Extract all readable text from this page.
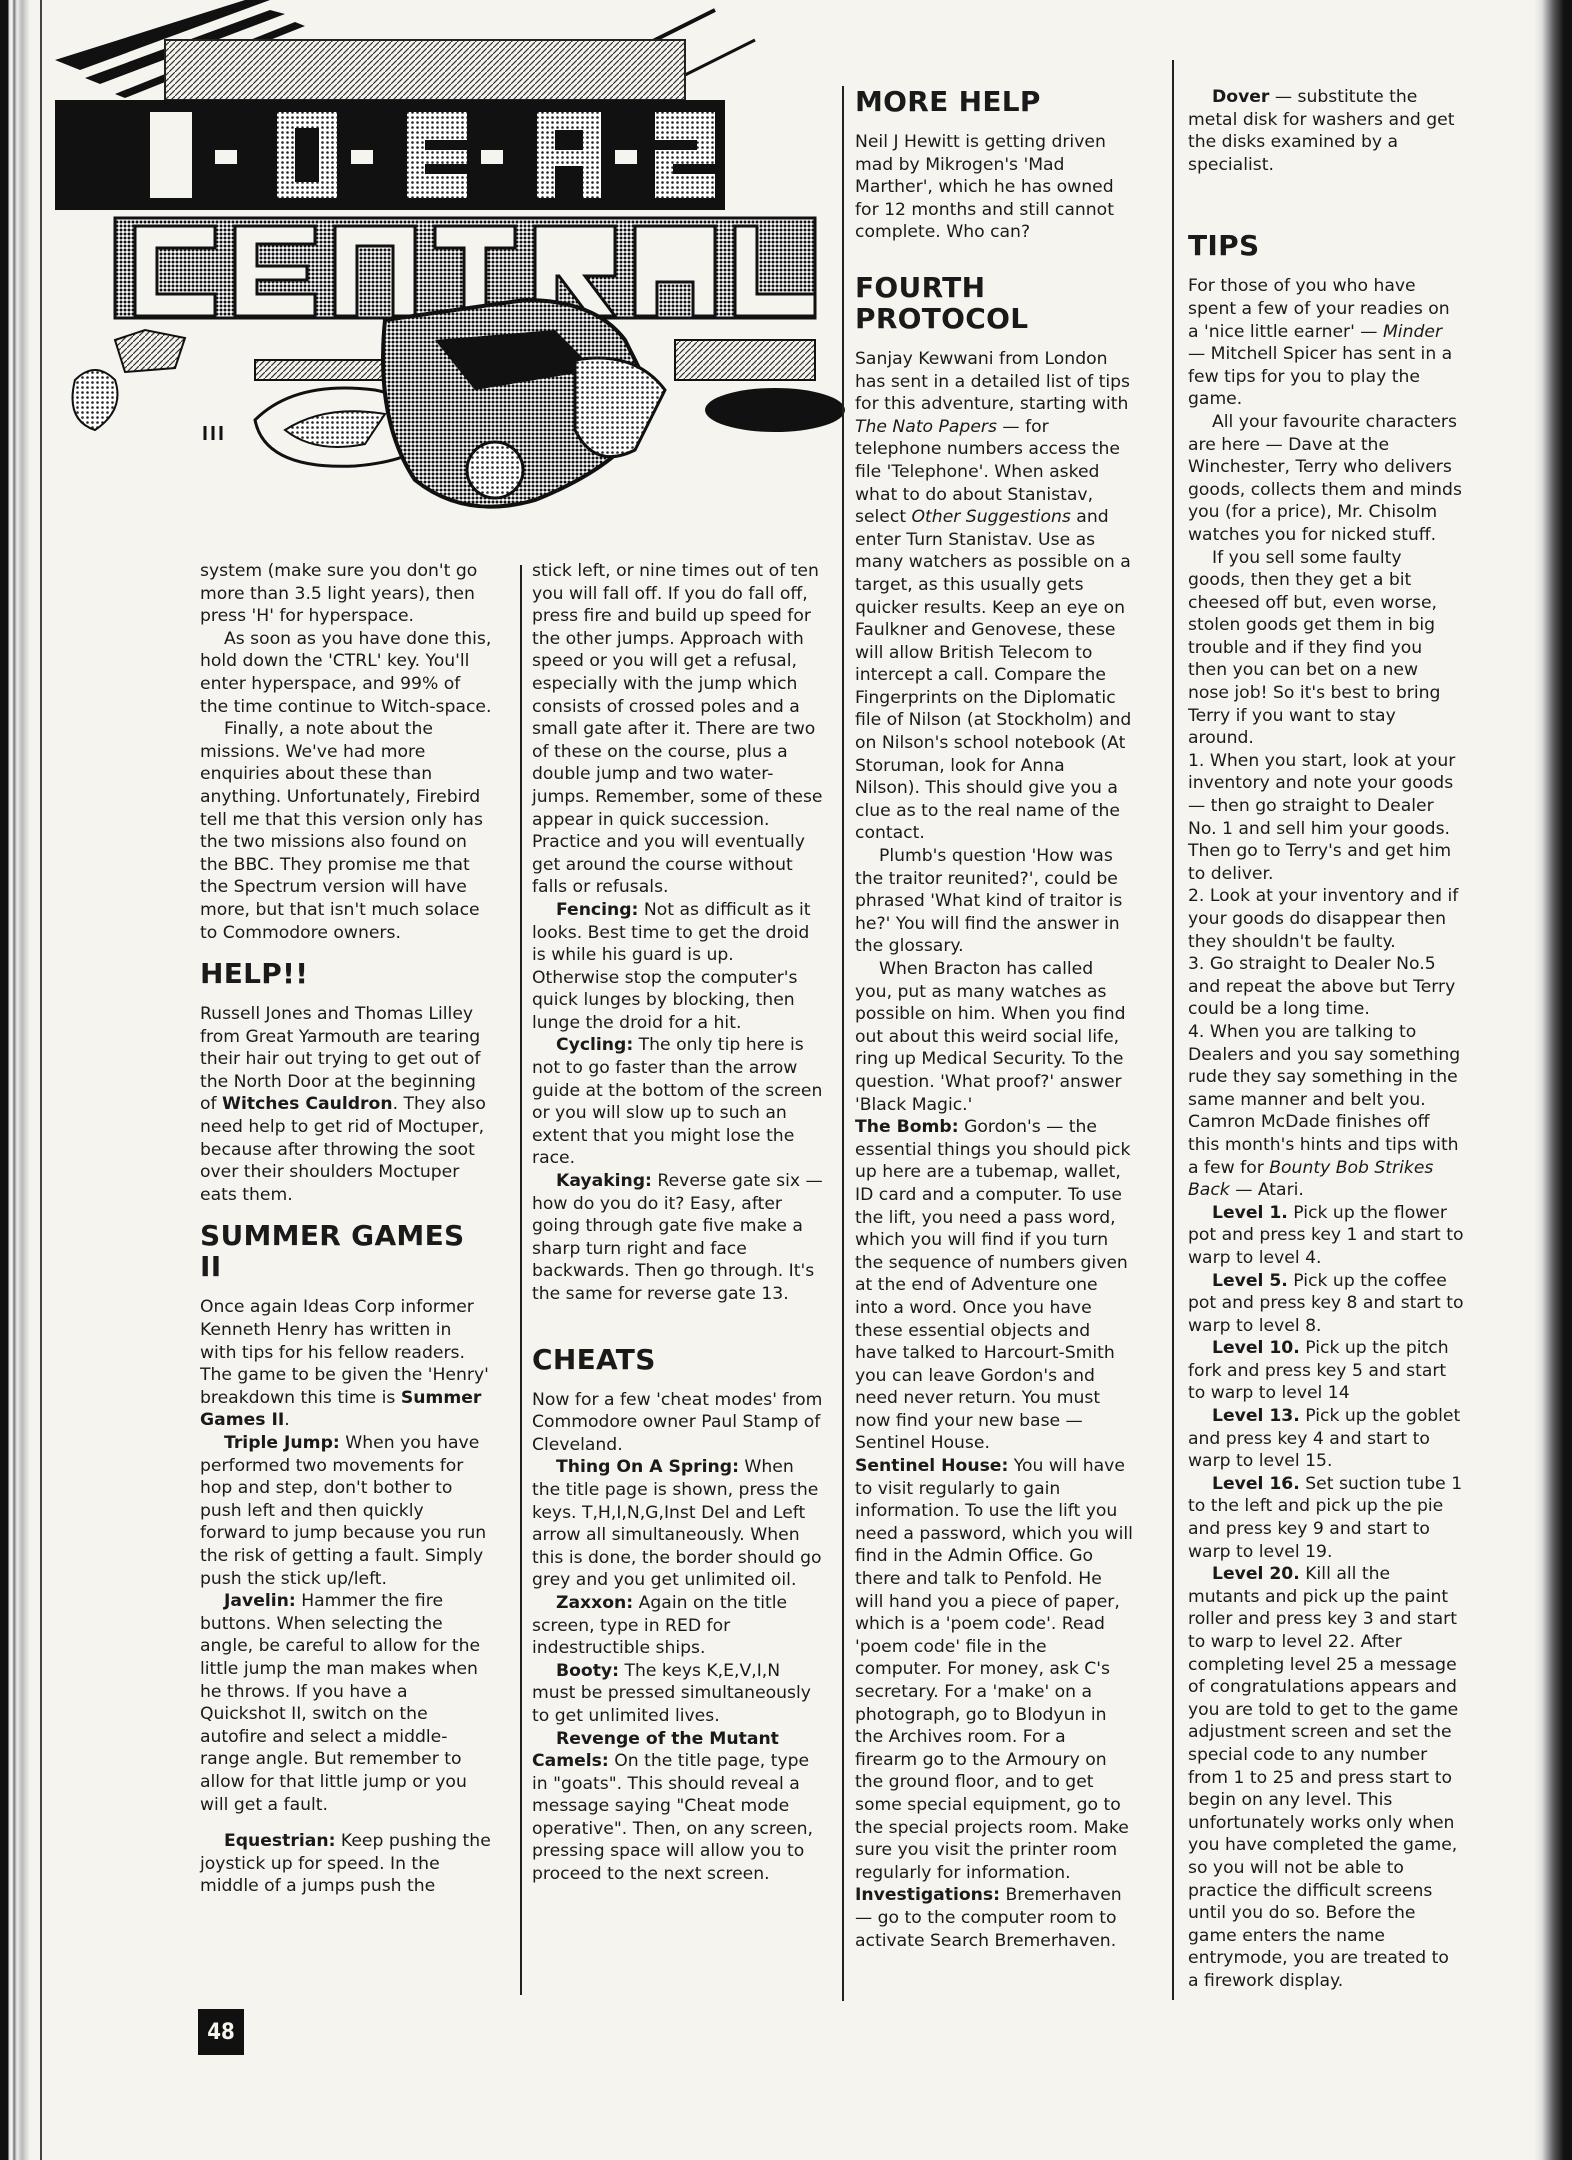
system (make sure you don't go more than 3.5 light years), then press 'H' for hyperspace.

As soon as you have done this, hold down the 'CTRL' key. You'll enter hyperspace, and 99% of the time continue to Witch-space.

Finally, a note about the missions. We've had more enquiries about these than anything. Unfortunately, Firebird tell me that this version only has the two missions also found on the BBC. They promise me that the Spectrum version will have more, but that isn't much solace to Commodore owners.

HELP!!

Russell Jones and Thomas Lilley from Great Yarmouth are tearing their hair out trying to get out of the North Door at the beginning of Witches Cauldron. They also need help to get rid of Moctuper, because after throwing the soot over their shoulders Moctuper eats them.

SUMMER GAMES II

Once again Ideas Corp informer Kenneth Henry has written in with tips for his fellow readers. The game to be given the 'Henry' breakdown this time is Summer Games II.

Triple Jump: When you have performed two movements for hop and step, don't bother to push left and then quickly forward to jump because you run the risk of getting a fault. Simply push the stick up/left.

Javelin: Hammer the fire buttons. When selecting the angle, be careful to allow for the little jump the man makes when he throws. If you have a Quickshot II, switch on the autofire and select a middle-range angle. But remember to allow for that little jump or you will get a fault.

Equestrian: Keep pushing the joystick up for speed. In the middle of a jumps push the

stick left, or nine times out of ten you will fall off. If you do fall off, press fire and build up speed for the other jumps. Approach with speed or you will get a refusal, especially with the jump which consists of crossed poles and a small gate after it. There are two of these on the course, plus a double jump and two water-jumps. Remember, some of these appear in quick succession. Practice and you will eventually get around the course without falls or refusals.

Fencing: Not as difficult as it looks. Best time to get the droid is while his guard is up. Otherwise stop the computer's quick lunges by blocking, then lunge the droid for a hit.

Cycling: The only tip here is not to go faster than the arrow guide at the bottom of the screen or you will slow up to such an extent that you might lose the race.

Kayaking: Reverse gate six — how do you do it? Easy, after going through gate five make a sharp turn right and face backwards. Then go through. It's the same for reverse gate 13.

CHEATS

Now for a few 'cheat modes' from Commodore owner Paul Stamp of Cleveland.

Thing On A Spring: When the title page is shown, press the keys. T,H,I,N,G,Inst Del and Left arrow all simultaneously. When this is done, the border should go grey and you get unlimited oil.

Zaxxon: Again on the title screen, type in RED for indestructible ships.

Booty: The keys K,E,V,I,N must be pressed simultaneously to get unlimited lives.

Revenge of the Mutant Camels: On the title page, type in "goats". This should reveal a message saying "Cheat mode operative". Then, on any screen, pressing space will allow you to proceed to the next screen.

MORE HELP

Neil J Hewitt is getting driven mad by Mikrogen's 'Mad Marther', which he has owned for 12 months and still cannot complete. Who can?

FOURTH PROTOCOL

Sanjay Kewwani from London has sent in a detailed list of tips for this adventure, starting with The Nato Papers — for telephone numbers access the file 'Telephone'. When asked what to do about Stanistav, select Other Suggestions and enter Turn Stanistav. Use as many watchers as possible on a target, as this usually gets quicker results. Keep an eye on Faulkner and Genovese, these will allow British Telecom to intercept a call. Compare the Fingerprints on the Diplomatic file of Nilson (at Stockholm) and on Nilson's school notebook (At Storuman, look for Anna Nilson). This should give you a clue as to the real name of the contact.

Plumb's question 'How was the traitor reunited?', could be phrased 'What kind of traitor is he?' You will find the answer in the glossary.

When Bracton has called you, put as many watches as possible on him. When you find out about this weird social life, ring up Medical Security. To the question. 'What proof?' answer 'Black Magic.'

The Bomb: Gordon's — the essential things you should pick up here are a tubemap, wallet, ID card and a computer. To use the lift, you need a pass word, which you will find if you turn the sequence of numbers given at the end of Adventure one into a word. Once you have these essential objects and have talked to Harcourt-Smith you can leave Gordon's and need never return. You must now find your new base — Sentinel House.

Sentinel House: You will have to visit regularly to gain information. To use the lift you need a password, which you will find in the Admin Office. Go there and talk to Penfold. He will hand you a piece of paper, which is a 'poem code'. Read 'poem code' file in the computer. For money, ask C's secretary. For a 'make' on a photograph, go to Blodyun in the Archives room. For a firearm go to the Armoury on the ground floor, and to get some special equipment, go to the special projects room. Make sure you visit the printer room regularly for information.

Investigations: Bremerhaven — go to the computer room to activate Search Bremerhaven.

Dover — substitute the metal disk for washers and get the disks examined by a specialist.

TIPS

For those of you who have spent a few of your readies on a 'nice little earner' — Minder — Mitchell Spicer has sent in a few tips for you to play the game.

All your favourite characters are here — Dave at the Winchester, Terry who delivers goods, collects them and minds you (for a price), Mr. Chisolm watches you for nicked stuff.

If you sell some faulty goods, then they get a bit cheesed off but, even worse, stolen goods get them in big trouble and if they find you then you can bet on a new nose job! So it's best to bring Terry if you want to stay around.

1. When you start, look at your inventory and note your goods — then go straight to Dealer No. 1 and sell him your goods. Then go to Terry's and get him to deliver.

2. Look at your inventory and if your goods do disappear then they shouldn't be faulty.

3. Go straight to Dealer No.5 and repeat the above but Terry could be a long time.

4. When you are talking to Dealers and you say something rude they say something in the same manner and belt you.

Camron McDade finishes off this month's hints and tips with a few for Bounty Bob Strikes Back — Atari.

Level 1. Pick up the flower pot and press key 1 and start to warp to level 4.

Level 5. Pick up the coffee pot and press key 8 and start to warp to level 8.

Level 10. Pick up the pitch fork and press key 5 and start to warp to level 14

Level 13. Pick up the goblet and press key 4 and start to warp to level 15.

Level 16. Set suction tube 1 to the left and pick up the pie and press key 9 and start to warp to level 19.

Level 20. Kill all the mutants and pick up the paint roller and press key 3 and start to warp to level 22. After completing level 25 a message of congratulations appears and you are told to get to the game adjustment screen and set the special code to any number from 1 to 25 and press start to begin on any level. This unfortunately works only when you have completed the game, so you will not be able to practice the difficult screens until you do so. Before the game enters the name entrymode, you are treated to a firework display.

48
